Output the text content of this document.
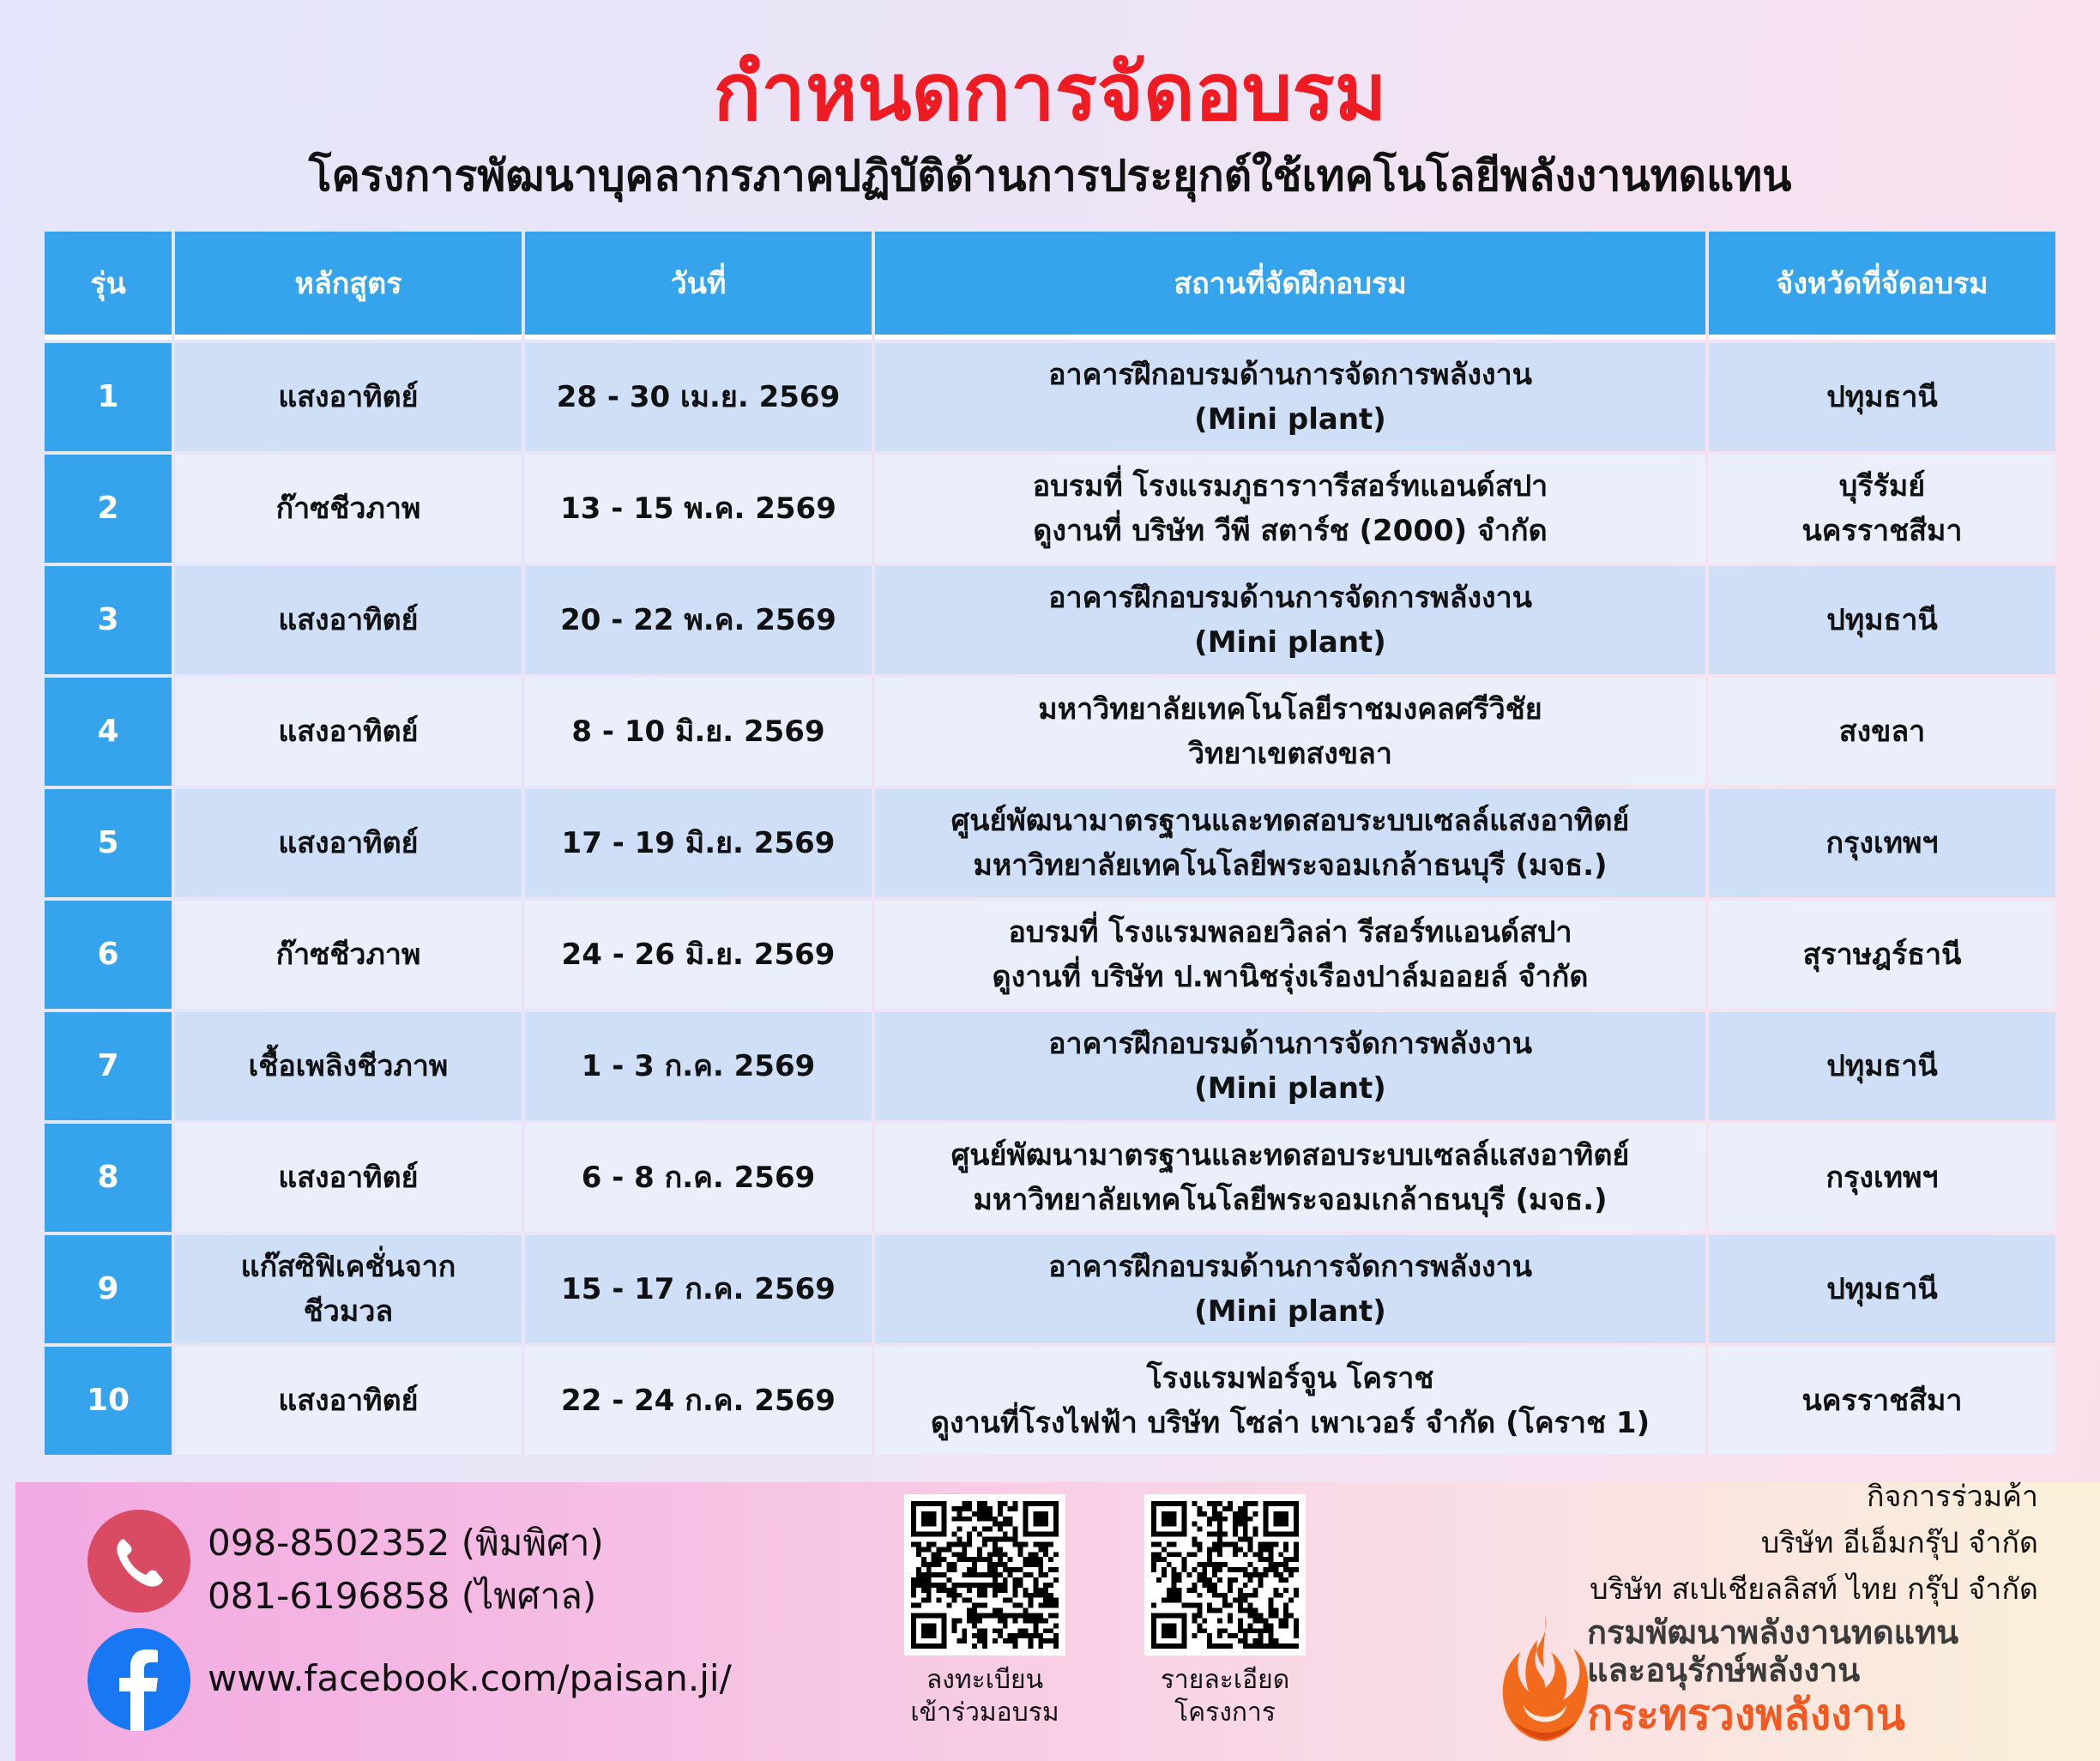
กำหนดการจัดอบรม
โครงการพัฒนาบุคลากรภาคปฏิบัติด้านการประยุกต์ใช้เทคโนโลยีพลังงานทดแทน
รุ่น	หลักสูตร	วันที่	สถานที่จัดฝึกอบรม	จังหวัดที่จัดอบรม
1	แสงอาทิตย์	28 - 30 เม.ย. 2569	อาคารฝึกอบรมด้านการจัดการพลังงาน
(Mini plant)	ปทุมธานี

2	ก๊าซชีวภาพ	13 - 15 พ.ค. 2569	อบรมที่ โรงแรมภูธาราารีสอร์ทแอนด์สปา
ดูงานที่ บริษัท วีพี สตาร์ช (2000) จำกัด	บุรีรัมย์
นครราชสีมา

3	แสงอาทิตย์	20 - 22 พ.ค. 2569	อาคารฝึกอบรมด้านการจัดการพลังงาน
(Mini plant)	ปทุมธานี

4	แสงอาทิตย์	8 - 10 มิ.ย. 2569	มหาวิทยาลัยเทคโนโลยีราชมงคลศรีวิชัย
วิทยาเขตสงขลา	สงขลา

5	แสงอาทิตย์	17 - 19 มิ.ย. 2569	ศูนย์พัฒนามาตรฐานและทดสอบระบบเซลล์แสงอาทิตย์
มหาวิทยาลัยเทคโนโลยีพระจอมเกล้าธนบุรี (มจธ.)	กรุงเทพฯ

6	ก๊าซชีวภาพ	24 - 26 มิ.ย. 2569	อบรมที่ โรงแรมพลอยวิลล่า รีสอร์ทแอนด์สปา
ดูงานที่ บริษัท ป.พานิชรุ่งเรืองปาล์มออยล์ จำกัด	สุราษฎร์ธานี

7	เชื้อเพลิงชีวภาพ	1 - 3 ก.ค. 2569	อาคารฝึกอบรมด้านการจัดการพลังงาน
(Mini plant)	ปทุมธานี

8	แสงอาทิตย์	6 - 8 ก.ค. 2569	ศูนย์พัฒนามาตรฐานและทดสอบระบบเซลล์แสงอาทิตย์
มหาวิทยาลัยเทคโนโลยีพระจอมเกล้าธนบุรี (มจธ.)	กรุงเทพฯ

9	แก๊สซิฟิเคชั่นจาก
ชีวมวล	15 - 17 ก.ค. 2569	อาคารฝึกอบรมด้านการจัดการพลังงาน
(Mini plant)	ปทุมธานี

10	แสงอาทิตย์	22 - 24 ก.ค. 2569	โรงแรมฟอร์จูน โคราช
ดูงานที่โรงไฟฟ้า บริษัท โซล่า เพาเวอร์ จำกัด (โคราช 1)	นครราชสีมา
098-8502352 (พิมพิศา)
081-6196858 (ไพศาล)
www.facebook.com/paisan.ji/	ลงทะเบียน
เข้าร่วมอบรม
รายละเอียด
โครงการ
กิจการร่วมค้า
บริษัท อีเอ็มกรุ๊ป จำกัด
บริษัท สเปเชียลลิสท์ ไทย กรุ๊ป จำกัด
กรมพัฒนาพลังงานทดแทน
และอนุรักษ์พลังงาน
กระทรวงพลังงาน
